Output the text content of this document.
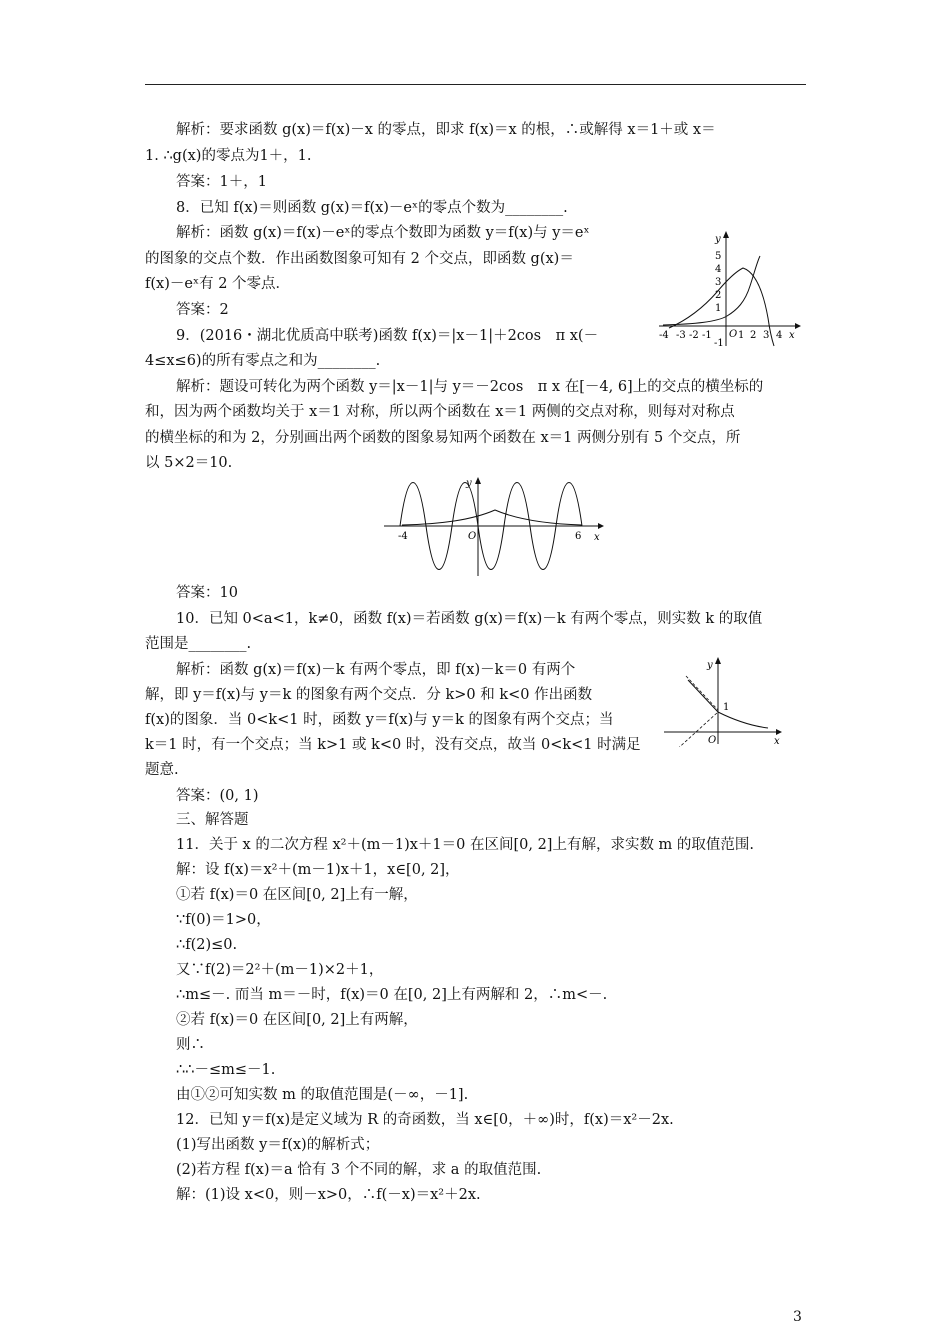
解析：要求函数 g(x)＝f(x)－x 的零点，即求 f(x)＝x 的根，∴或解得 x＝1＋或 x＝
1. ∴g(x)的零点为1＋，1.
答案：1＋，1
8．已知 f(x)＝则函数 g(x)＝f(x)－eˣ的零点个数为________.
解析：函数 g(x)＝f(x)－eˣ的零点个数即为函数 y＝f(x)与 y＝eˣ
的图象的交点个数．作出函数图象可知有 2 个交点，即函数 g(x)＝
f(x)－eˣ有 2 个零点．
答案：2
9．(2016・湖北优质高中联考)函数 f(x)＝|x－1|＋2cos　π x(－
4≤x≤6)的所有零点之和为________.
解析：题设可转化为两个函数 y＝|x－1|与 y＝－2cos　π x 在[－4, 6]上的交点的横坐标的
和，因为两个函数均关于 x＝1 对称，所以两个函数在 x＝1 两侧的交点对称，则每对对称点
的横坐标的和为 2，分别画出两个函数的图象易知两个函数在 x＝1 两侧分别有 5 个交点，所
以 5×2＝10.
答案：10
10．已知 0<a<1，k≠0，函数 f(x)＝若函数 g(x)＝f(x)－k 有两个零点，则实数 k 的取值
范围是________.
解析：函数 g(x)＝f(x)－k 有两个零点，即 f(x)－k＝0 有两个
解，即 y＝f(x)与 y＝k 的图象有两个交点．分 k>0 和 k<0 作出函数
f(x)的图象．当 0<k<1 时，函数 y＝f(x)与 y＝k 的图象有两个交点；当
k＝1 时，有一个交点；当 k>1 或 k<0 时，没有交点，故当 0<k<1 时满足
题意.
答案：(0, 1)
三、解答题
11．关于 x 的二次方程 x²＋(m－1)x＋1＝0 在区间[0, 2]上有解，求实数 m 的取值范围.
解：设 f(x)＝x²＋(m－1)x＋1，x∈[0, 2]，
①若 f(x)＝0 在区间[0, 2]上有一解，
∵f(0)＝1>0，
∴f(2)≤0.
又∵f(2)＝2²＋(m－1)×2＋1，
∴m≤－. 而当 m＝－时，f(x)＝0 在[0, 2]上有两解和 2，∴m<－.
②若 f(x)＝0 在区间[0, 2]上有两解，
则∴
∴∴－≤m≤－1.
由①②可知实数 m 的取值范围是(－∞，－1].
12．已知 y＝f(x)是定义域为 R 的奇函数，当 x∈[0，＋∞)时，f(x)＝x²－2x.
(1)写出函数 y＝f(x)的解析式；
(2)若方程 f(x)＝a 恰有 3 个不同的解，求 a 的取值范围.
解：(1)设 x<0，则－x>0，∴f(－x)＝x²＋2x.
y
x
O
-4 -3 -2 -1	1 2 3 4
5
4
3
2
1
-1
y
x
O
-4	6
y
x
O
1
3
